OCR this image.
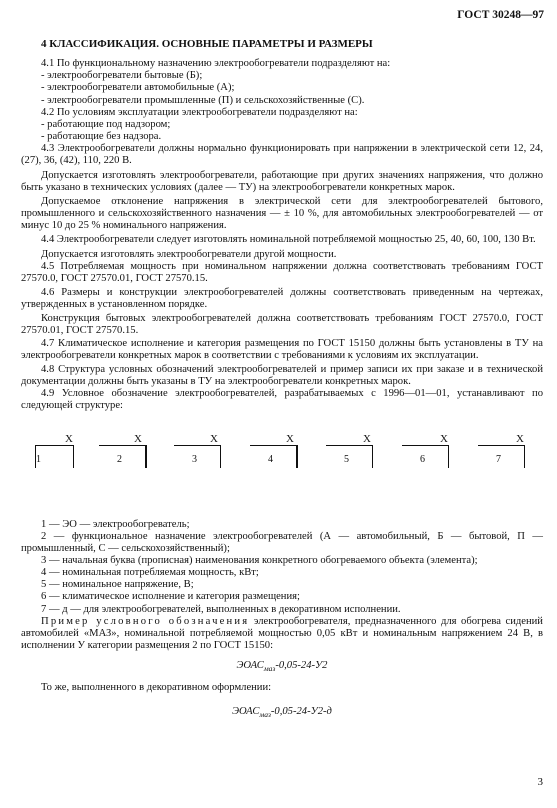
ГОСТ 30248—97
4 КЛАССИФИКАЦИЯ. ОСНОВНЫЕ ПАРАМЕТРЫ И РАЗМЕРЫ
4.1 По функциональному назначению электрообогреватели подразделяют на:
- электрообогреватели бытовые (Б);
- электрообогреватели автомобильные (А);
- электрообогреватели промышленные (П) и сельскохозяйственные (С).
4.2 По условиям эксплуатации электрообогреватели подразделяют на:
- работающие под надзором;
- работающие без надзора.
4.3 Электрообогреватели должны нормально функционировать при напряжении в электрической сети 12, 24, (27), 36, (42), 110, 220 В.
Допускается изготовлять электрообогреватели, работающие при других значениях напряжения, что должно быть указано в технических условиях (далее — ТУ) на электрообогреватели конкретных марок.
Допускаемое отклонение напряжения в электрической сети для электрообогревателей бытового, промышленного и сельскохозяйственного назначения — ± 10 %, для автомобильных электрообогревателей — от минус 10 до 25 % номинального напряжения.
4.4 Электрообогреватели следует изготовлять номинальной потребляемой мощностью 25, 40, 60, 100, 130 Вт.
Допускается изготовлять электрообогреватели другой мощности.
4.5 Потребляемая мощность при номинальном напряжении должна соответствовать требованиям ГОСТ 27570.0, ГОСТ 27570.01, ГОСТ 27570.15.
4.6 Размеры и конструкции электрообогревателей должны соответствовать приведенным на чертежах, утвержденных в установленном порядке.
Конструкция бытовых электрообогревателей должна соответствовать требованиям ГОСТ 27570.0, ГОСТ 27570.01, ГОСТ 27570.15.
4.7 Климатическое исполнение и категория размещения по ГОСТ 15150 должны быть установлены в ТУ на электрообогреватели конкретных марок в соответствии с требованиями к условиям их эксплуатации.
4.8 Структура условных обозначений электрообогревателей и пример записи их при заказе и в технической документации должны быть указаны в ТУ на электрообогреватели конкретных марок.
4.9 Условное обозначение электрообогревателей, разрабатываемых с 1996—01—01, устанавливают по следующей структуре:
Х
1
Х
2
Х
3
Х
4
Х
5
Х
6
Х
7
1 — ЭО — электрообогреватель;
2 — функциональное назначение электрообогревателей (А — автомобильный, Б — бытовой, П — промышленный, С — сельскохозяйственный);
3 — начальная буква (прописная) наименования конкретного обогреваемого объекта (элемента);
4 — номинальная потребляемая мощность, кВт;
5 — номинальное напряжение, В;
6 — климатическое исполнение и категория размещения;
7 — д — для электрообогревателей, выполненных в декоративном исполнении.
Пример условного обозначения электрообогревателя, предназначенного для обогрева сидений автомобилей «МАЗ», номинальной потребляемой мощностью 0,05 кВт и номинальным напряжением 24 В, в исполнении У категории размещения 2 по ГОСТ 15150:
$ЭОАС_{маз}-0,05-24-У2$
То же, выполненного в декоративном оформлении:
$ЭОАС_{маз}-0,05-24-У2-д$
3
